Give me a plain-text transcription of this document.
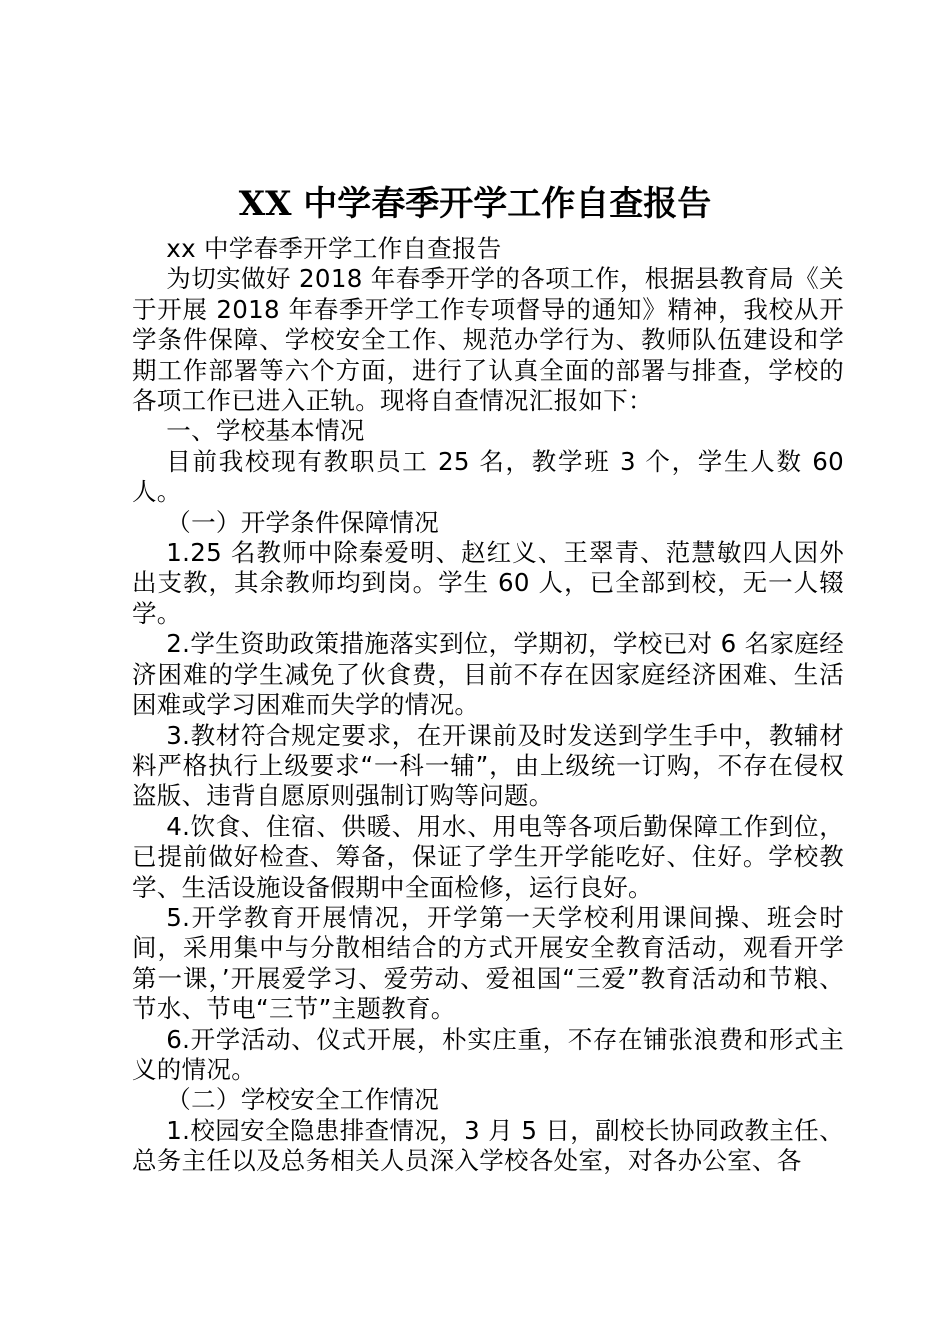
XX 中学春季开学工作自查报告

xx 中学春季开学工作自查报告

为切实做好 2018 年春季开学的各项工作，根据县教育局《关于开展 2018 年春季开学工作专项督导的通知》精神，我校从开学条件保障、学校安全工作、规范办学行为、教师队伍建设和学期工作部署等六个方面，进行了认真全面的部署与排查，学校的各项工作已进入正轨。现将自查情况汇报如下：

一、学校基本情况

目前我校现有教职员工 25 名，教学班 3 个，学生人数 60 人。

（一）开学条件保障情况

1.25 名教师中除秦爱明、赵红义、王翠青、范慧敏四人因外出支教，其余教师均到岗。学生 60 人，已全部到校，无一人辍学。

2.学生资助政策措施落实到位，学期初，学校已对 6 名家庭经济困难的学生减免了伙食费，目前不存在因家庭经济困难、生活困难或学习困难而失学的情况。

3.教材符合规定要求，在开课前及时发送到学生手中，教辅材料严格执行上级要求“一科一辅”，由上级统一订购，不存在侵权盗版、违背自愿原则强制订购等问题。

4.饮食、住宿、供暖、用水、用电等各项后勤保障工作到位，已提前做好检查、筹备，保证了学生开学能吃好、住好。学校教学、生活设施设备假期中全面检修，运行良好。

5.开学教育开展情况，开学第一天学校利用课间操、班会时间，采用集中与分散相结合的方式开展安全教育活动，观看开学第一课，’开展爱学习、爱劳动、爱祖国“三爱”教育活动和节粮、节水、节电“三节”主题教育。

6.开学活动、仪式开展，朴实庄重，不存在铺张浪费和形式主义的情况。

（二）学校安全工作情况

1.校园安全隐患排查情况，3 月 5 日，副校长协同政教主任、总务主任以及总务相关人员深入学校各处室，对各办公室、各
